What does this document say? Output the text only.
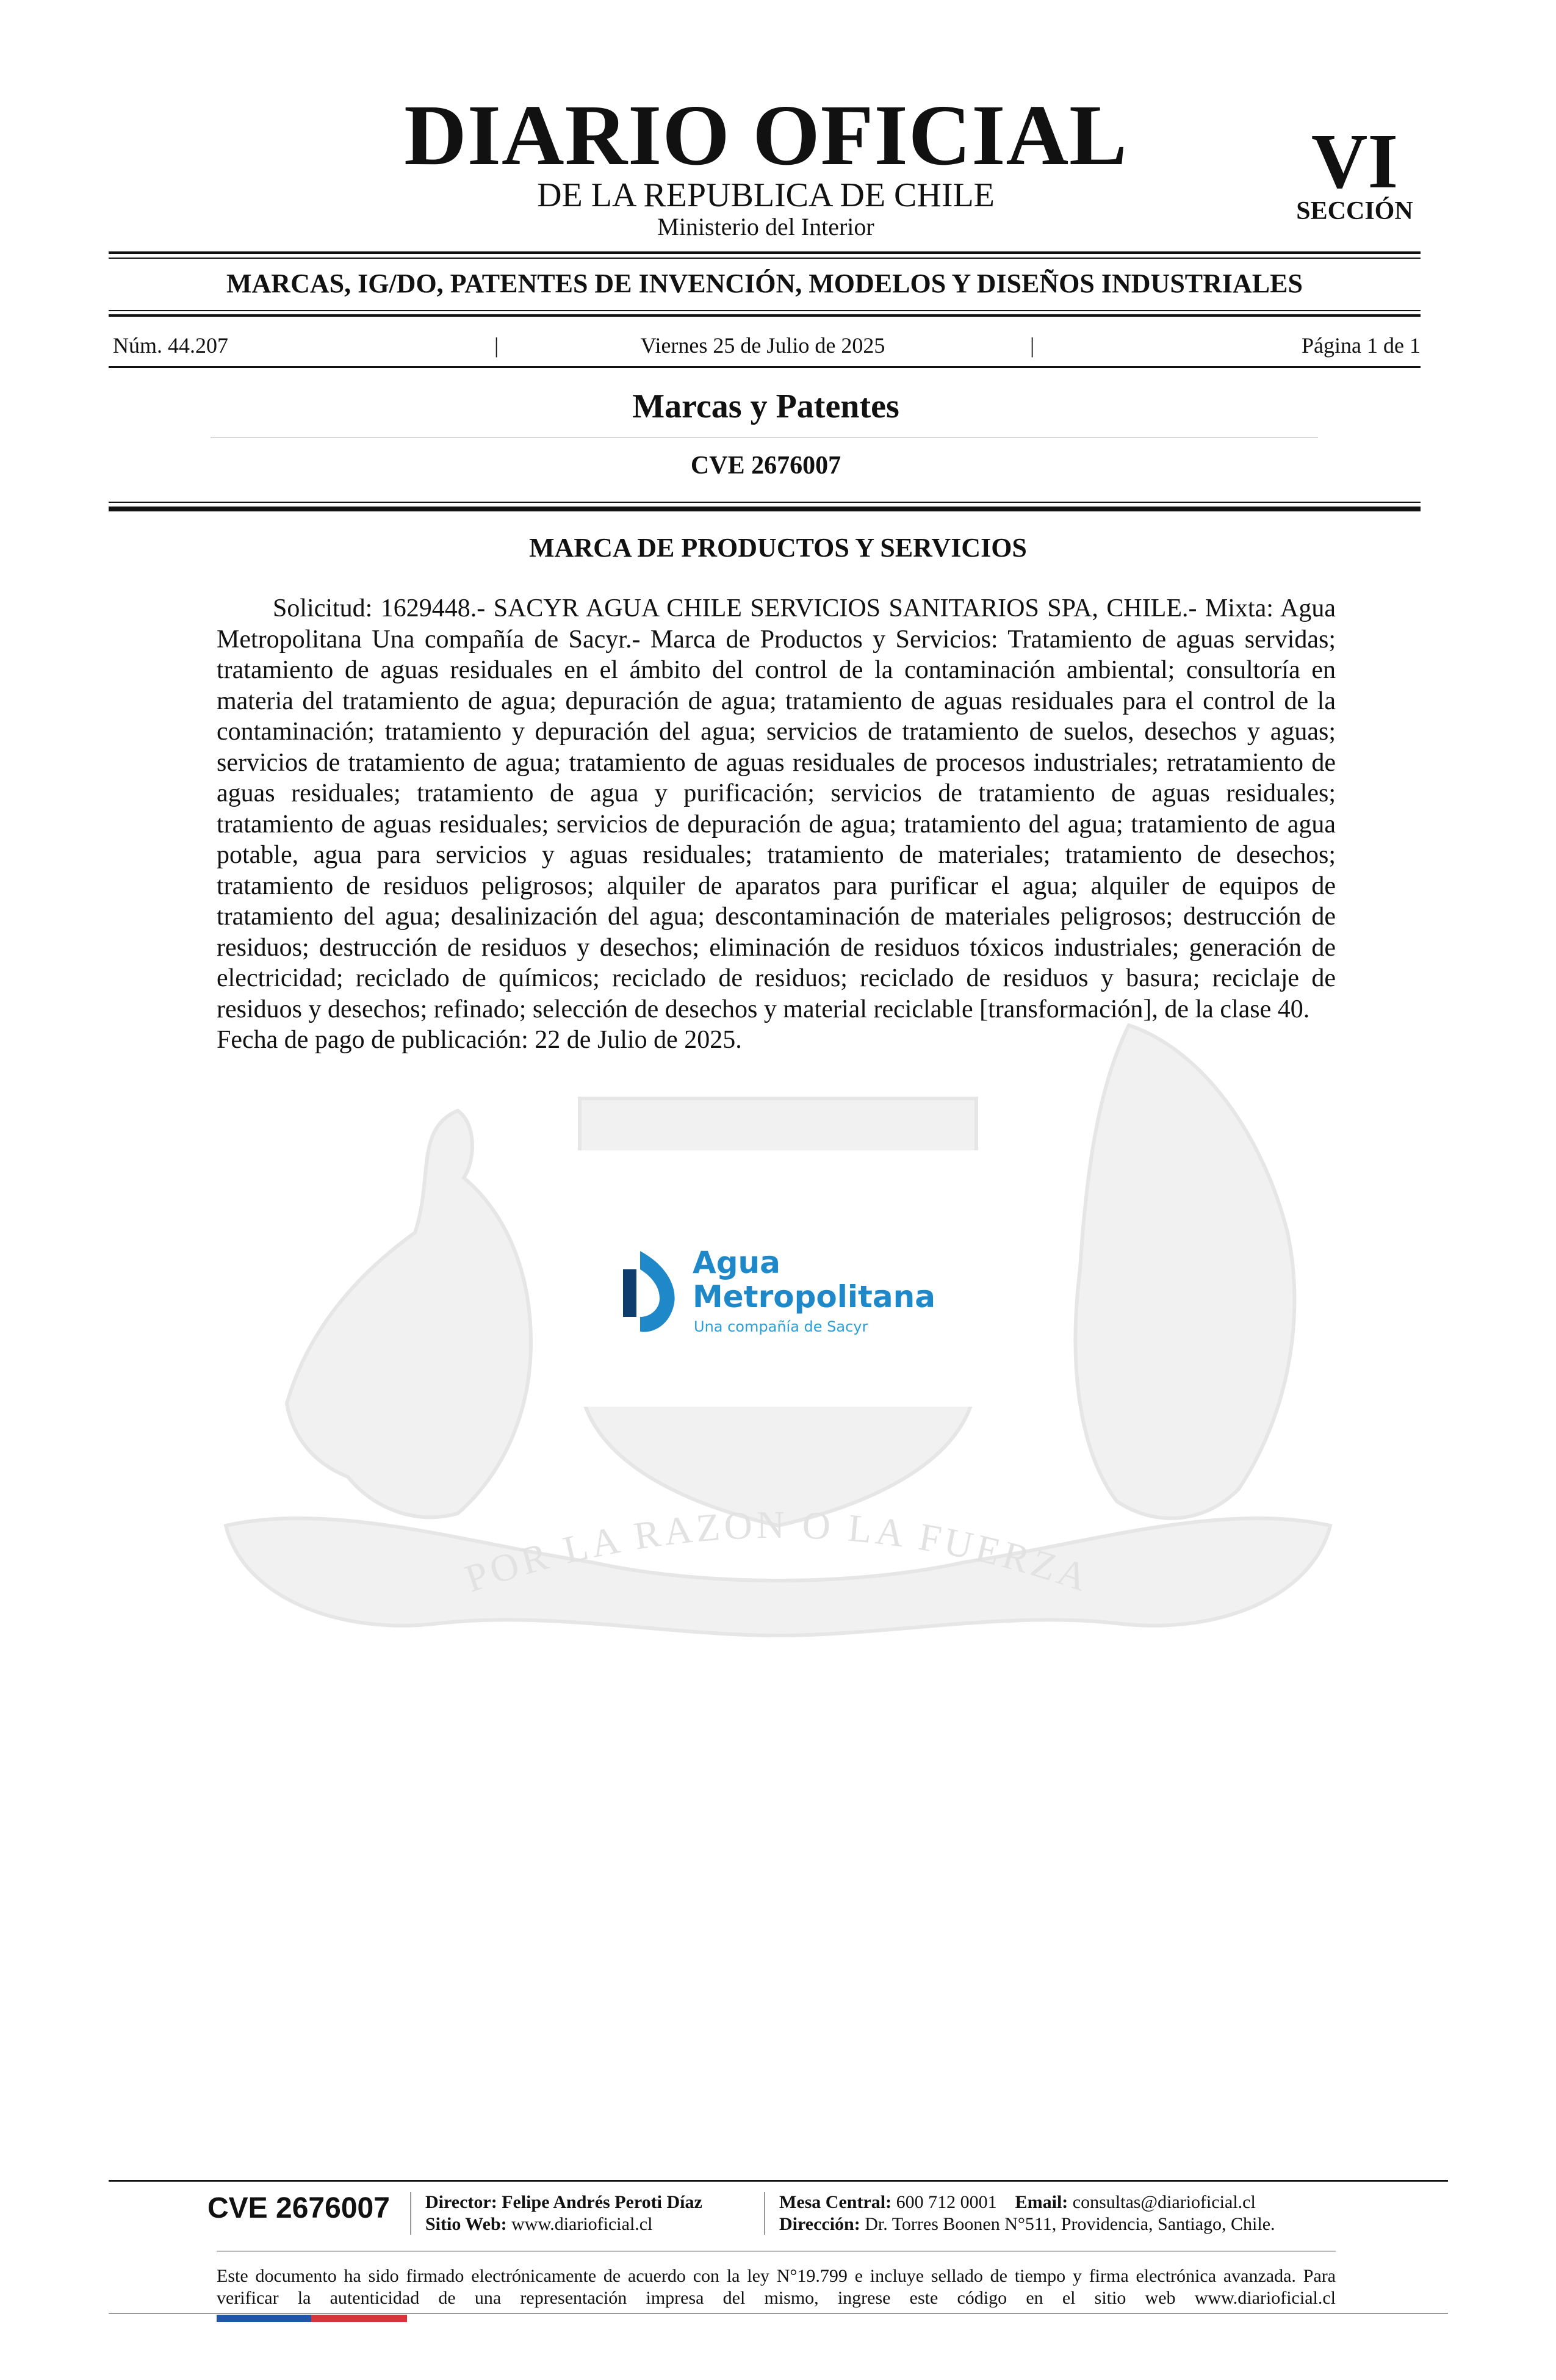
POR LA RAZON O LA FUERZA
DIARIO OFICIAL
DE LA REPUBLICA DE CHILE
Ministerio del Interior
VI
SECCIÓN
MARCAS, IG/DO, PATENTES DE INVENCIÓN, MODELOS Y DISEÑOS INDUSTRIALES
Núm. 44.207	|	Viernes 25 de Julio de 2025	|	Página 1 de 1
Marcas y Patentes
CVE 2676007
MARCA DE PRODUCTOS Y SERVICIOS

Solicitud: 1629448.- SACYR AGUA CHILE SERVICIOS SANITARIOS SPA, CHILE.- Mixta: Agua Metropolitana Una compañía de Sacyr.- Marca de Productos y Servicios: Tratamiento de aguas servidas; tratamiento de aguas residuales en el ámbito del control de la contaminación ambiental; consultoría en materia del tratamiento de agua; depuración de agua; tratamiento de aguas residuales para el control de la contaminación; tratamiento y depuración del agua; servicios de tratamiento de suelos, desechos y aguas; servicios de tratamiento de agua; tratamiento de aguas residuales de procesos industriales; retratamiento de aguas residuales; tratamiento de agua y purificación; servicios de tratamiento de aguas residuales; tratamiento de aguas residuales; servicios de depuración de agua; tratamiento del agua; tratamiento de agua potable, agua para servicios y aguas residuales; tratamiento de materiales; tratamiento de desechos; tratamiento de residuos peligrosos; alquiler de aparatos para purificar el agua; alquiler de equipos de tratamiento del agua; desalinización del agua; descontaminación de materiales peligrosos; destrucción de residuos; destrucción de residuos y desechos; eliminación de residuos tóxicos industriales; generación de electricidad; reciclado de químicos; reciclado de residuos; reciclado de residuos y basura; reciclaje de residuos y desechos; refinado; selección de desechos y material reciclable [transformación], de la clase 40.

Fecha de pago de publicación: 22 de Julio de 2025.

Agua
Metropolitana
Una compañía de Sacyr
CVE 2676007 Director: Felipe Andrés Peroti Díaz
Sitio Web: www.diarioficial.cl
Mesa Central: 600 712 0001 Email: consultas@diarioficial.cl
Dirección: Dr. Torres Boonen N°511, Providencia, Santiago, Chile.

Este documento ha sido firmado electrónicamente de acuerdo con la ley N°19.799 e incluye sellado de tiempo y firma electrónica avanzada. Para verificar la autenticidad de una representación impresa del mismo, ingrese este código en el sitio web www.diarioficial.cl
